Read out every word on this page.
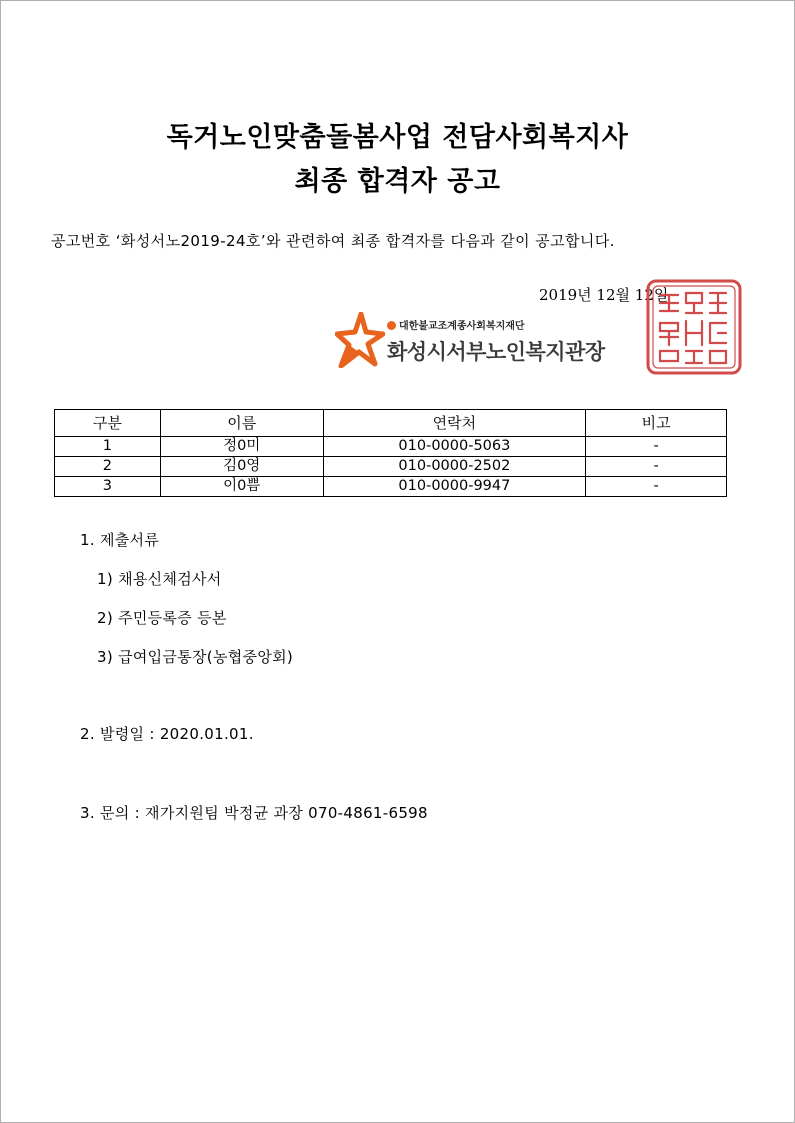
독거노인맞춤돌봄사업 전담사회복지사
최종 합격자 공고
공고번호 ‘화성서노2019-24호’와 관련하여 최종 합격자를 다음과 같이 공고합니다.
2019년 12월 12일
대한불교조계종사회복지재단
화성시서부노인복지관장
구분	이름	연락처	비고
1	정0미	010-0000-5063	-
2	김0영	010-0000-2502	-
3	이0쁨	010-0000-9947	-
1. 제출서류
1) 채용신체검사서
2) 주민등록증 등본
3) 급여입금통장(농협중앙회)
2. 발령일 : 2020.01.01.
3. 문의 : 재가지원팀 박정균 과장 070-4861-6598
